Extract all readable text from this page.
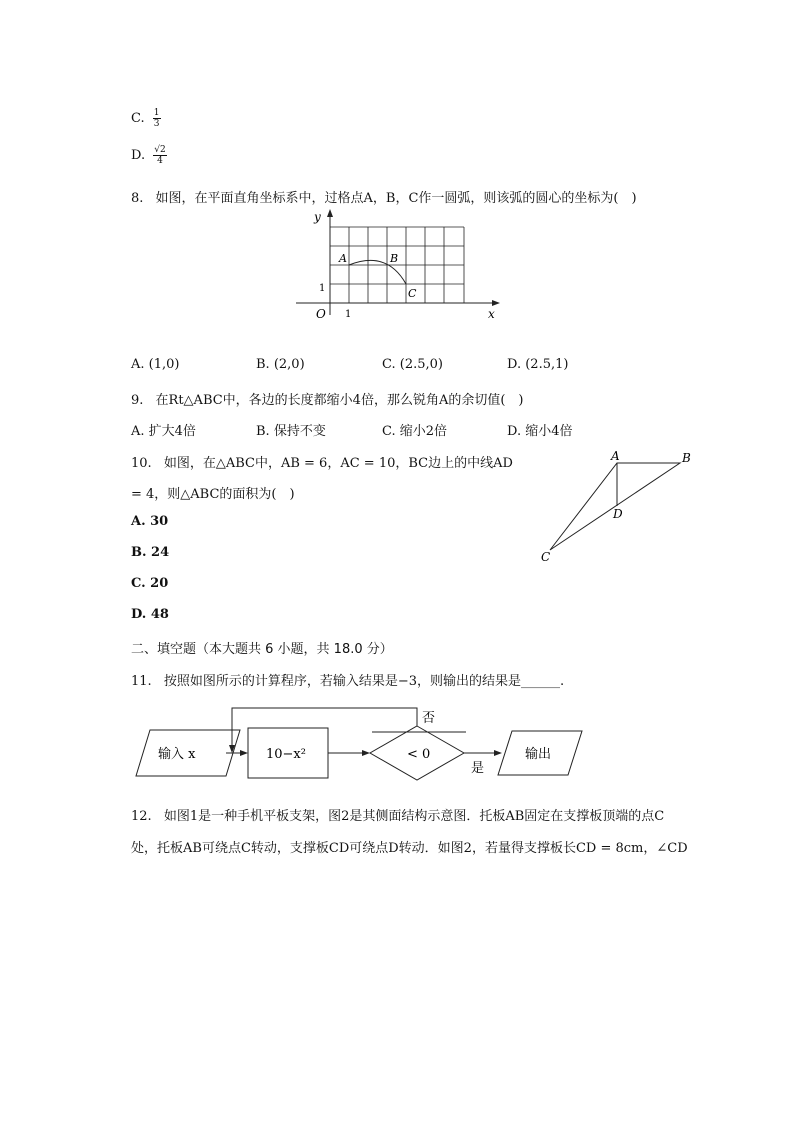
C. $\frac{1}{3}$
D. $\frac{√2}{4}$
8. 如图，在平面直角坐标系中，过格点A，B，C作一圆弧，则该弧的圆心的坐标为(　)
y
x
O
1
1
A	B
C
A. (1,0)	B. (2,0)	C. (2.5,0)	D. (2.5,1)
9. 在Rt△ABC中，各边的长度都缩小4倍，那么锐角A的余切值(　)
A. 扩大4倍	B. 保持不变	C. 缩小2倍	D. 缩小4倍
10. 如图，在△ABC中，AB = 6，AC = 10，BC边上的中线AD
= 4，则△ABC的面积为(　)
A. 30
B. 24
C. 20
D. 48
A	B
C
D
二、填空题（本大题共 6 小题，共 18.0 分）
11. 按照如图所示的计算程序，若输入结果是−3，则输出的结果是______.
输入 x	10−x²	< 0
否
是
输出
12. 如图1是一种手机平板支架，图2是其侧面结构示意图．托板AB固定在支撑板顶端的点C
处，托板AB可绕点C转动，支撑板CD可绕点D转动．如图2，若量得支撑板长CD = 8cm，∠CD
